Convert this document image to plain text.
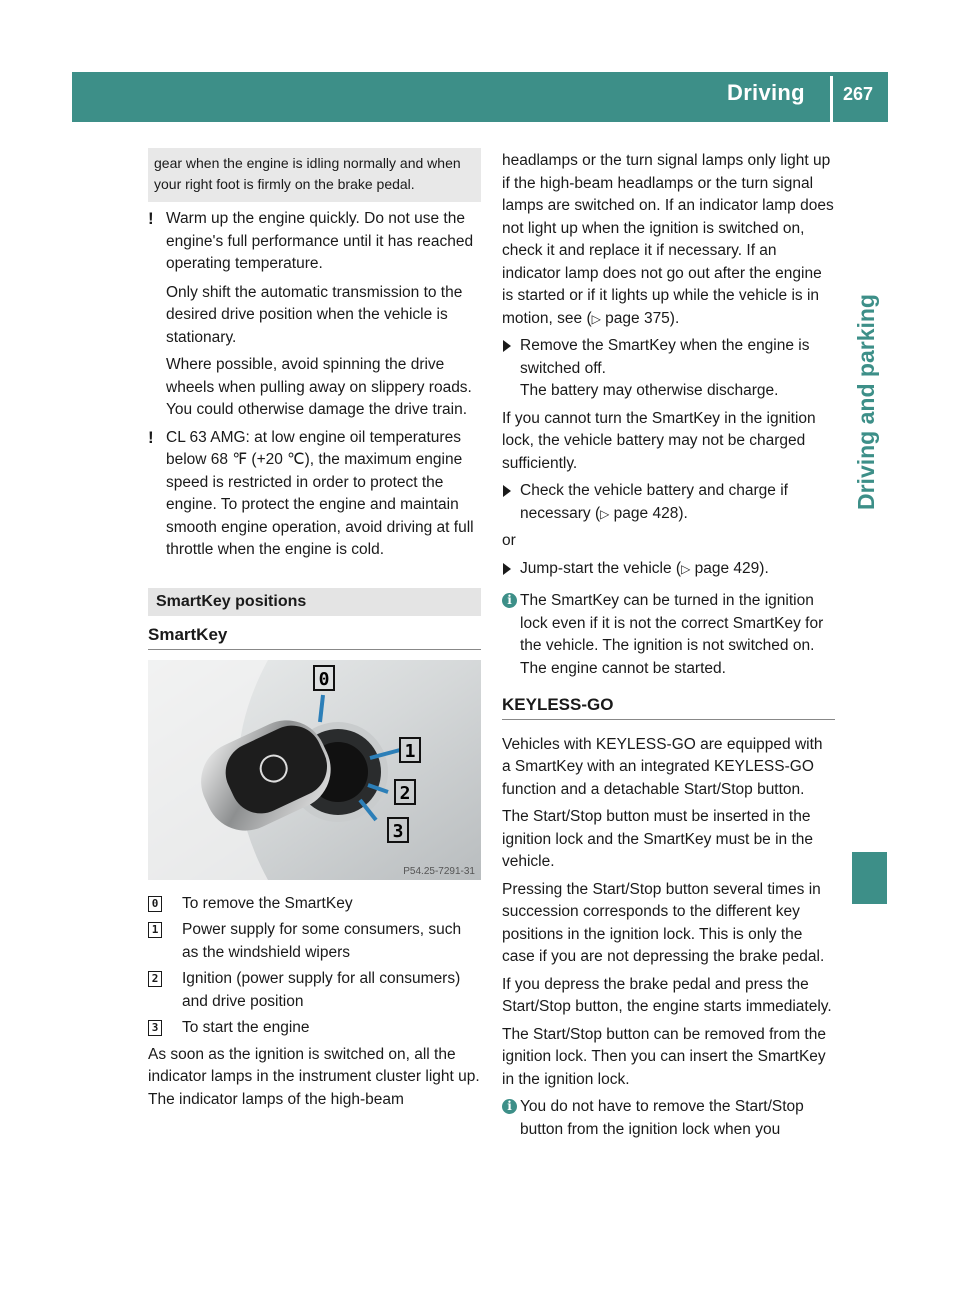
Driving 267
Driving and parking
gear when the engine is idling normally and when your right foot is firmly on the brake pedal.
! Warm up the engine quickly. Do not use the engine's full performance until it has reached operating temperature.

Only shift the automatic transmission to the desired drive position when the vehicle is stationary.

Where possible, avoid spinning the drive wheels when pulling away on slippery roads. You could otherwise damage the drive train.

! CL 63 AMG: at low engine oil temperatures below 68 ℉ (+20 ℃), the maximum engine speed is restricted in order to protect the engine. To protect the engine and maintain smooth engine operation, avoid driving at full throttle when the engine is cold.
SmartKey positions
SmartKey
0
1
2
3
P54.25-7291-31
0 To remove the SmartKey
1 Power supply for some consumers, such as the windshield wipers
2 Ignition (power supply for all consumers) and drive position
3 To start the engine

As soon as the ignition is switched on, all the indicator lamps in the instrument cluster light up. The indicator lamps of the high-beam

headlamps or the turn signal lamps only light up if the high-beam headlamps or the turn signal lamps are switched on. If an indicator lamp does not light up when the ignition is switched on, check it and replace it if necessary. If an indicator lamp does not go out after the engine is started or if it lights up while the vehicle is in motion, see (▷ page 375).

Remove the SmartKey when the engine is switched off.
The battery may otherwise discharge.

If you cannot turn the SmartKey in the ignition lock, the vehicle battery may not be charged sufficiently.

Check the vehicle battery and charge if necessary (▷ page 428).

or

Jump-start the vehicle (▷ page 429).
i The SmartKey can be turned in the ignition lock even if it is not the correct SmartKey for the vehicle. The ignition is not switched on. The engine cannot be started.
KEYLESS-GO

Vehicles with KEYLESS-GO are equipped with a SmartKey with an integrated KEYLESS-GO function and a detachable Start/Stop button.

The Start/Stop button must be inserted in the ignition lock and the SmartKey must be in the vehicle.

Pressing the Start/Stop button several times in succession corresponds to the different key positions in the ignition lock. This is only the case if you are not depressing the brake pedal.

If you depress the brake pedal and press the Start/Stop button, the engine starts immediately.

The Start/Stop button can be removed from the ignition lock. Then you can insert the SmartKey in the ignition lock.

i You do not have to remove the Start/Stop button from the ignition lock when you
